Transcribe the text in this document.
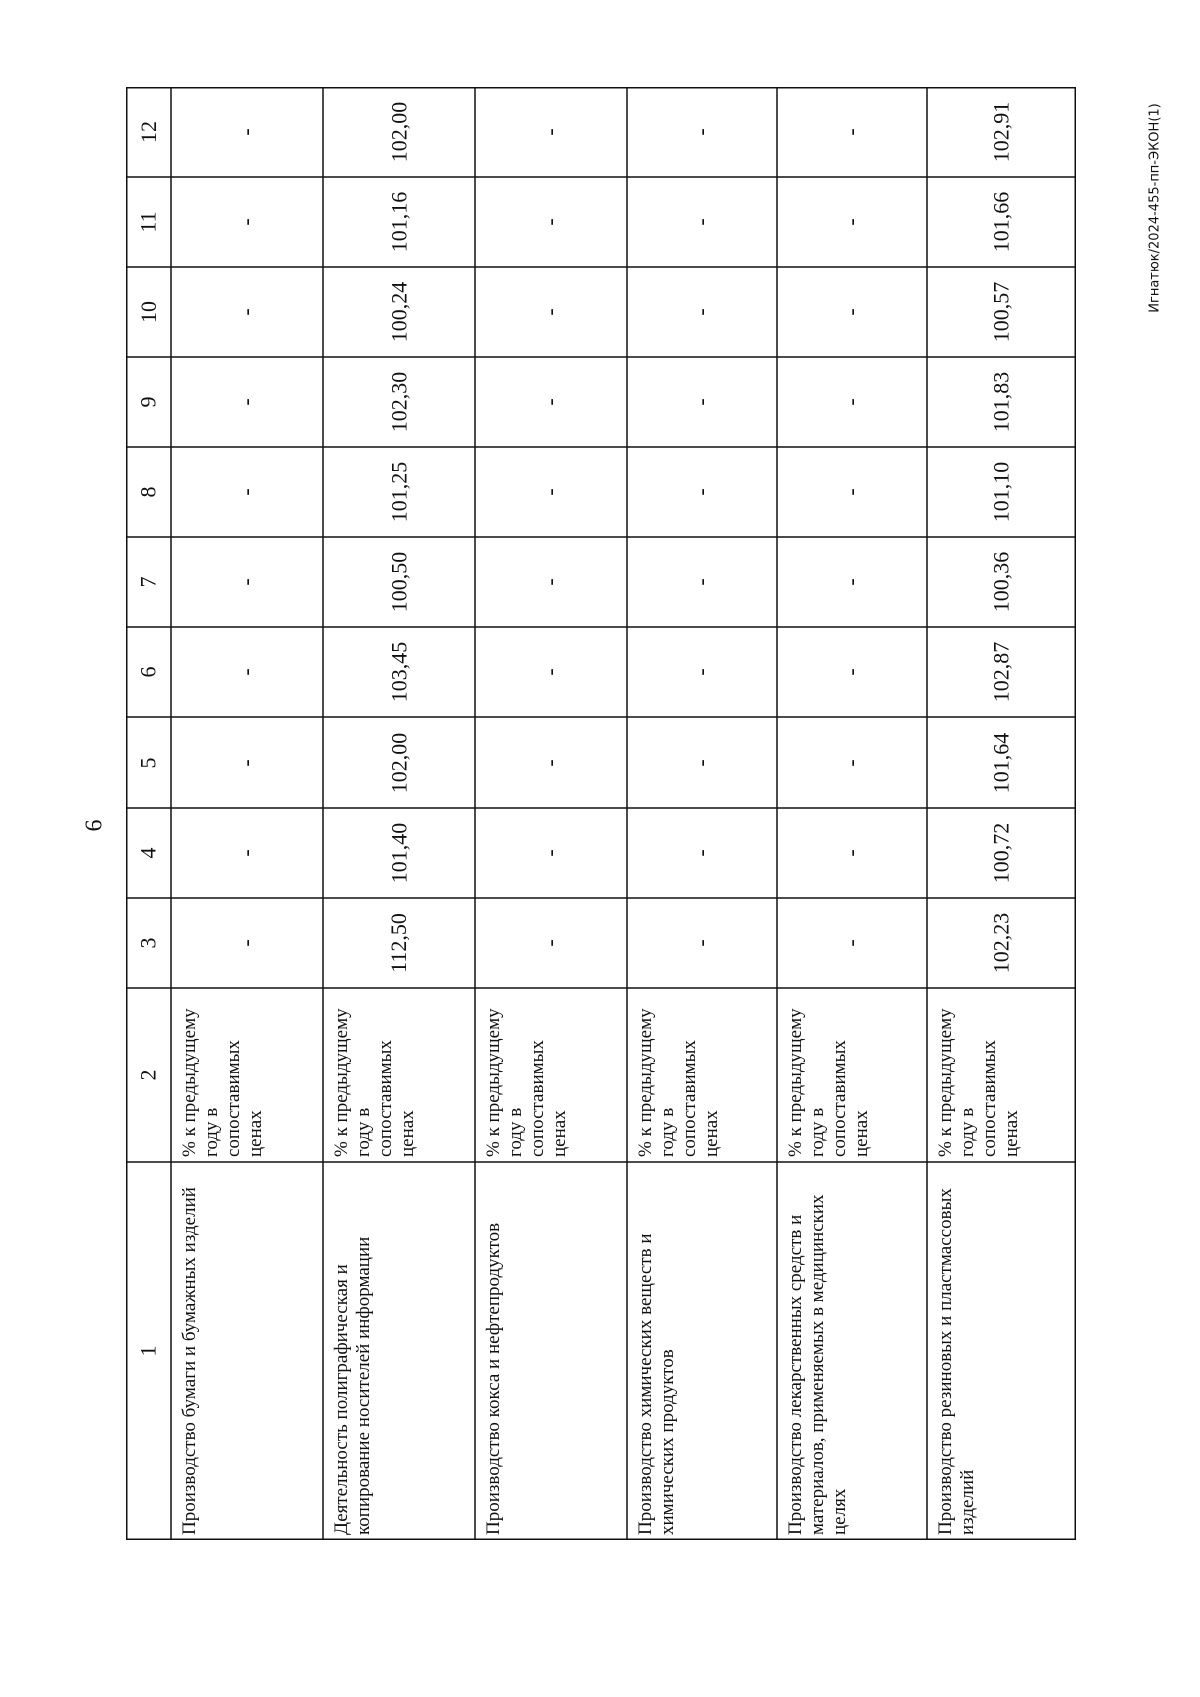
6
Игнатюк/2024-455-пп-ЭКОН(1)
12
11
10
9
8
7
6
5
4
3
2
1 Производство бумаги и бумажных изделий
% к предыдущему году в сопоставимых ценах
-
-
-
-
-
-
-
-
-
-
Деятельность полиграфическая и копирование носителей информации
% к предыдущему году в сопоставимых ценах
112,50
101,40
102,00
103,45
100,50
101,25
102,30
100,24
101,16
102,00
Производство кокса и нефтепродуктов
% к предыдущему году в сопоставимых ценах
-
-
-
-
-
-
-
-
-
-
Производство химических веществ и химических продуктов
% к предыдущему году в сопоставимых ценах
-
-
-
-
-
-
-
-
-
-
Производство лекарственных средств и материалов, применяемых в медицинских целях
% к предыдущему году в сопоставимых ценах
-
-
-
-
-
-
-
-
-
-
Производство резиновых и пластмассовых изделий
% к предыдущему году в сопоставимых ценах
102,23
100,72
101,64
102,87
100,36
101,10
101,83
100,57
101,66
102,91
